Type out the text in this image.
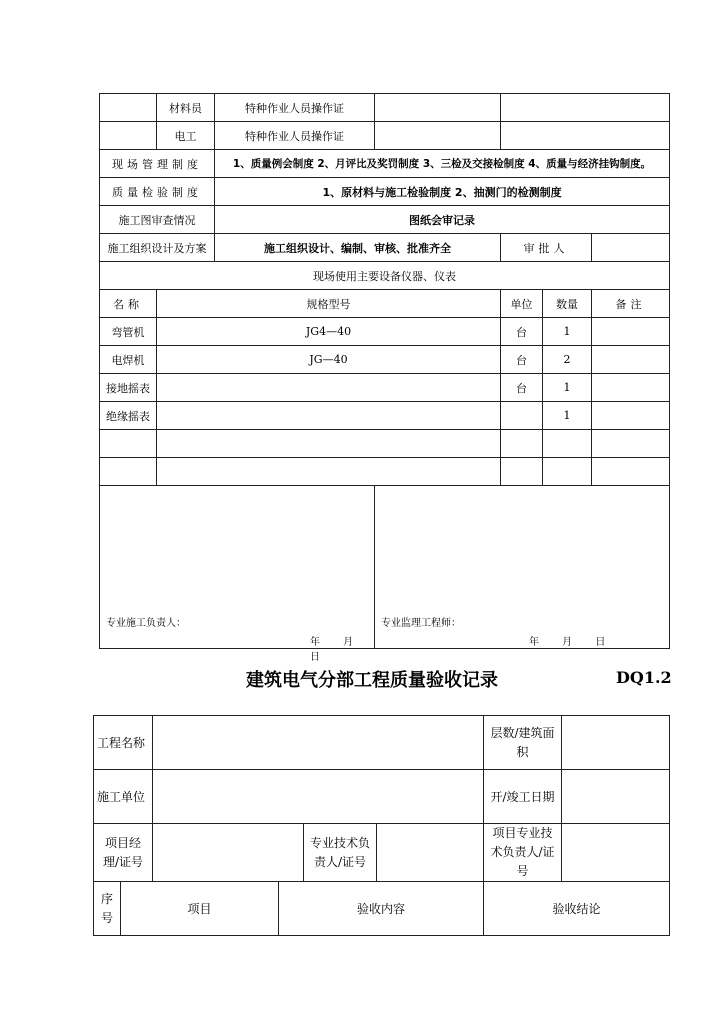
	材料员	特种作业人员操作证				
	电工	特种作业人员操作证				
现场管理制度		1、质量例会制度 2、月评比及奖罚制度 3、三检及交接检制度 4、质量与经济挂钩制度。				
质量检验制度		1、原材料与施工检验制度 2、抽测门的检测制度				
施工图审查情况		图纸会审记录				
施工组织设计及方案		施工组织设计、编制、审核、批准齐全		审批人		
现场使用主要设备仪器、仪表						
名称	规格型号			单位	数量	备注
弯管机	JG4—40			台	1	
电焊机	JG—40			台	2	
接地摇表				台	1	
绝缘摇表					1	

专业施工负责人：
年 月 日			专业监理工程师：
年 月 日			
建筑电气分部工程质量验收记录	DQ1.2
工程名称						层数/建筑面积	
施工单位						开/竣工日期	
项目经理/证号				专业技术负责人/证号		项目专业技术负责人/证号	
序号	项目		验收内容			验收结论	
